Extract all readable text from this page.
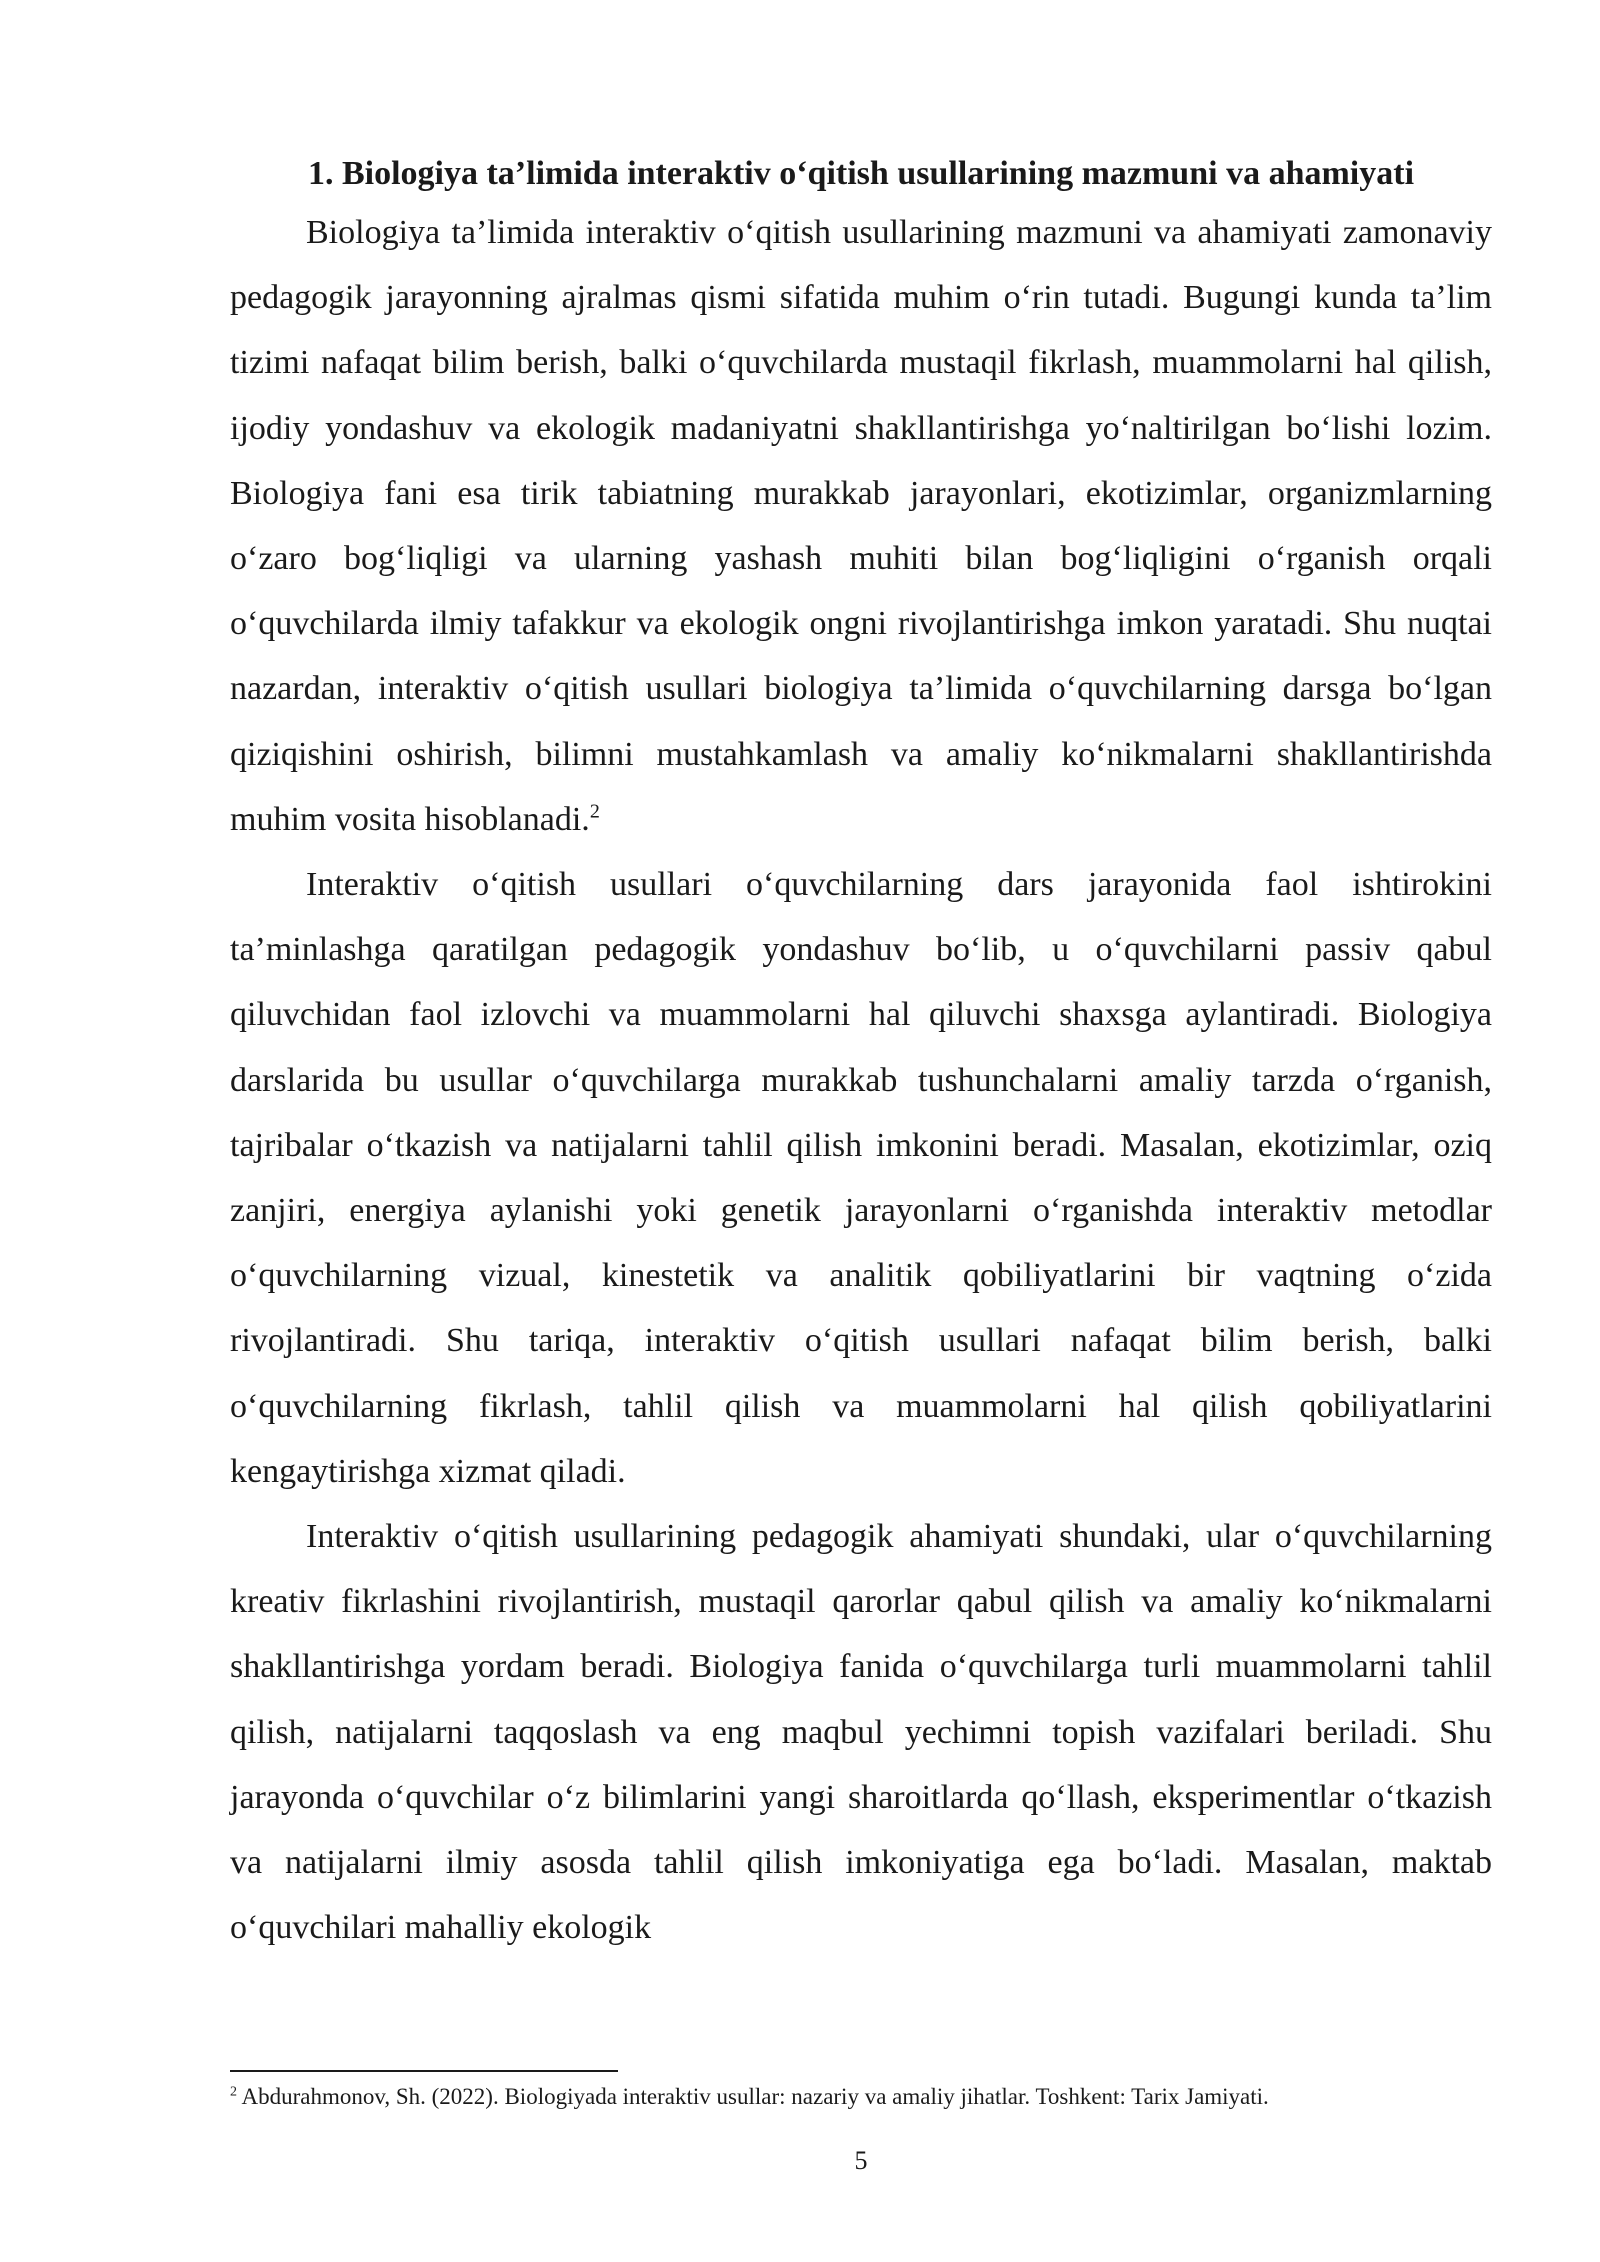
1. Biologiya ta’limida interaktiv o‘qitish usullarining mazmuni va ahamiyati

Biologiya ta’limida interaktiv o‘qitish usullarining mazmuni va ahamiyati zamonaviy pedagogik jarayonning ajralmas qismi sifatida muhim o‘rin tutadi. Bugungi kunda ta’lim tizimi nafaqat bilim berish, balki o‘quvchilarda mustaqil fikrlash, muammolarni hal qilish, ijodiy yondashuv va ekologik madaniyatni shakllantirishga yo‘naltirilgan bo‘lishi lozim. Biologiya fani esa tirik tabiatning murakkab jarayonlari, ekotizimlar, organizmlarning o‘zaro bog‘liqligi va ularning yashash muhiti bilan bog‘liqligini o‘rganish orqali o‘quvchilarda ilmiy tafakkur va ekologik ongni rivojlantirishga imkon yaratadi. Shu nuqtai nazardan, interaktiv o‘qitish usullari biologiya ta’limida o‘quvchilarning darsga bo‘lgan qiziqishini oshirish, bilimni mustahkamlash va amaliy ko‘nikmalarni shakllantirishda muhim vosita hisoblanadi.$^2$

Interaktiv o‘qitish usullari o‘quvchilarning dars jarayonida faol ishtirokini ta’minlashga qaratilgan pedagogik yondashuv bo‘lib, u o‘quvchilarni passiv qabul qiluvchidan faol izlovchi va muammolarni hal qiluvchi shaxsga aylantiradi. Biologiya darslarida bu usullar o‘quvchilarga murakkab tushunchalarni amaliy tarzda o‘rganish, tajribalar o‘tkazish va natijalarni tahlil qilish imkonini beradi. Masalan, ekotizimlar, oziq zanjiri, energiya aylanishi yoki genetik jarayonlarni o‘rganishda interaktiv metodlar o‘quvchilarning vizual, kinestetik va analitik qobiliyatlarini bir vaqtning o‘zida rivojlantiradi. Shu tariqa, interaktiv o‘qitish usullari nafaqat bilim berish, balki o‘quvchilarning fikrlash, tahlil qilish va muammolarni hal qilish qobiliyatlarini kengaytirishga xizmat qiladi.

Interaktiv o‘qitish usullarining pedagogik ahamiyati shundaki, ular o‘quvchilarning kreativ fikrlashini rivojlantirish, mustaqil qarorlar qabul qilish va amaliy ko‘nikmalarni shakllantirishga yordam beradi. Biologiya fanida o‘quvchilarga turli muammolarni tahlil qilish, natijalarni taqqoslash va eng maqbul yechimni topish vazifalari beriladi. Shu jarayonda o‘quvchilar o‘z bilimlarini yangi sharoitlarda qo‘llash, eksperimentlar o‘tkazish va natijalarni ilmiy asosda tahlil qilish imkoniyatiga ega bo‘ladi. Masalan, maktab o‘quvchilari mahalliy ekologik

$^2$ Abdurahmonov, Sh. (2022). Biologiyada interaktiv usullar: nazariy va amaliy jihatlar. Toshkent: Tarix Jamiyati.
5
